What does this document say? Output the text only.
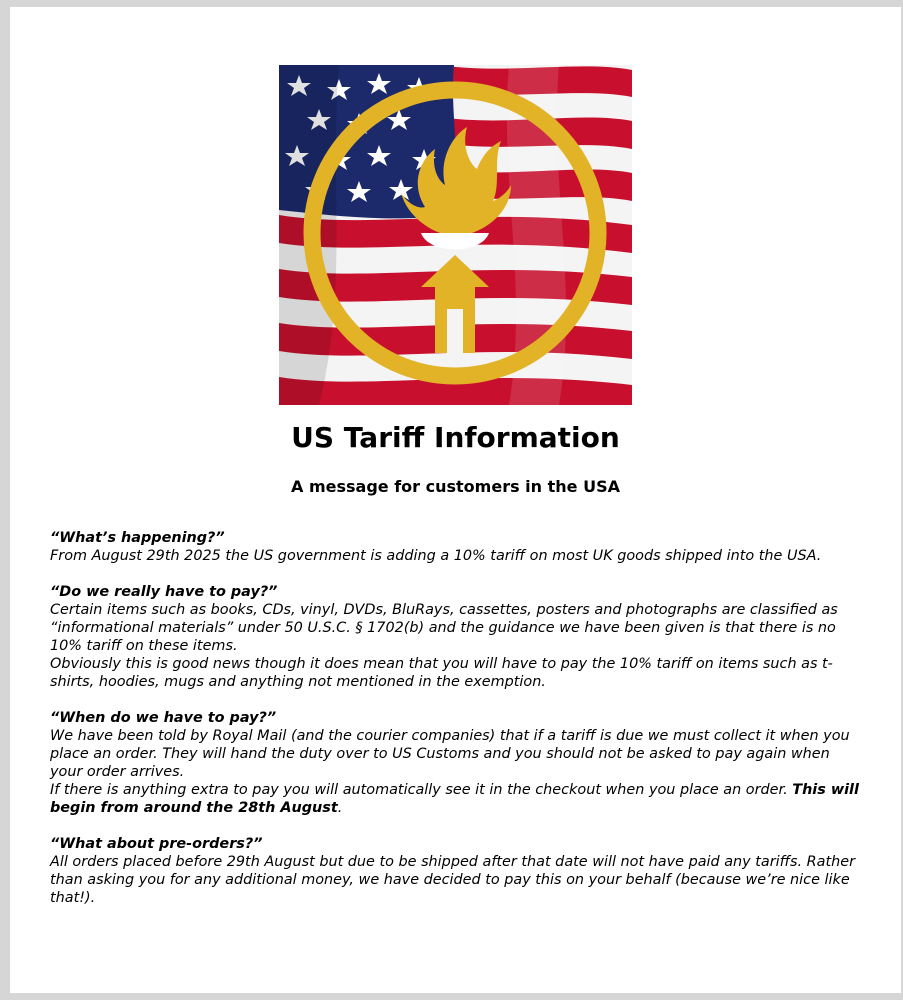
US Tariff Information
A message for customers in the USA
“What’s happening?”
From August 29th 2025 the US government is adding a 10% tariff on most UK goods shipped into the USA.
“Do we really have to pay?”
Certain items such as books, CDs, vinyl, DVDs, BluRays, cassettes, posters and photographs are classified as “informational materials” under 50 U.S.C. § 1702(b) and the guidance we have been given is that there is no 10% tariff on these items.
Obviously this is good news though it does mean that you will have to pay the 10% tariff on items such as t-shirts, hoodies, mugs and anything not mentioned in the exemption.
“When do we have to pay?”
We have been told by Royal Mail (and the courier companies) that if a tariff is due we must collect it when you place an order. They will hand the duty over to US Customs and you should not be asked to pay again when your order arrives.
If there is anything extra to pay you will automatically see it in the checkout when you place an order. This will begin from around the 28th August.
“What about pre-orders?”
All orders placed before 29th August but due to be shipped after that date will not have paid any tariffs. Rather than asking you for any additional money, we have decided to pay this on your behalf (because we’re nice like that!).
